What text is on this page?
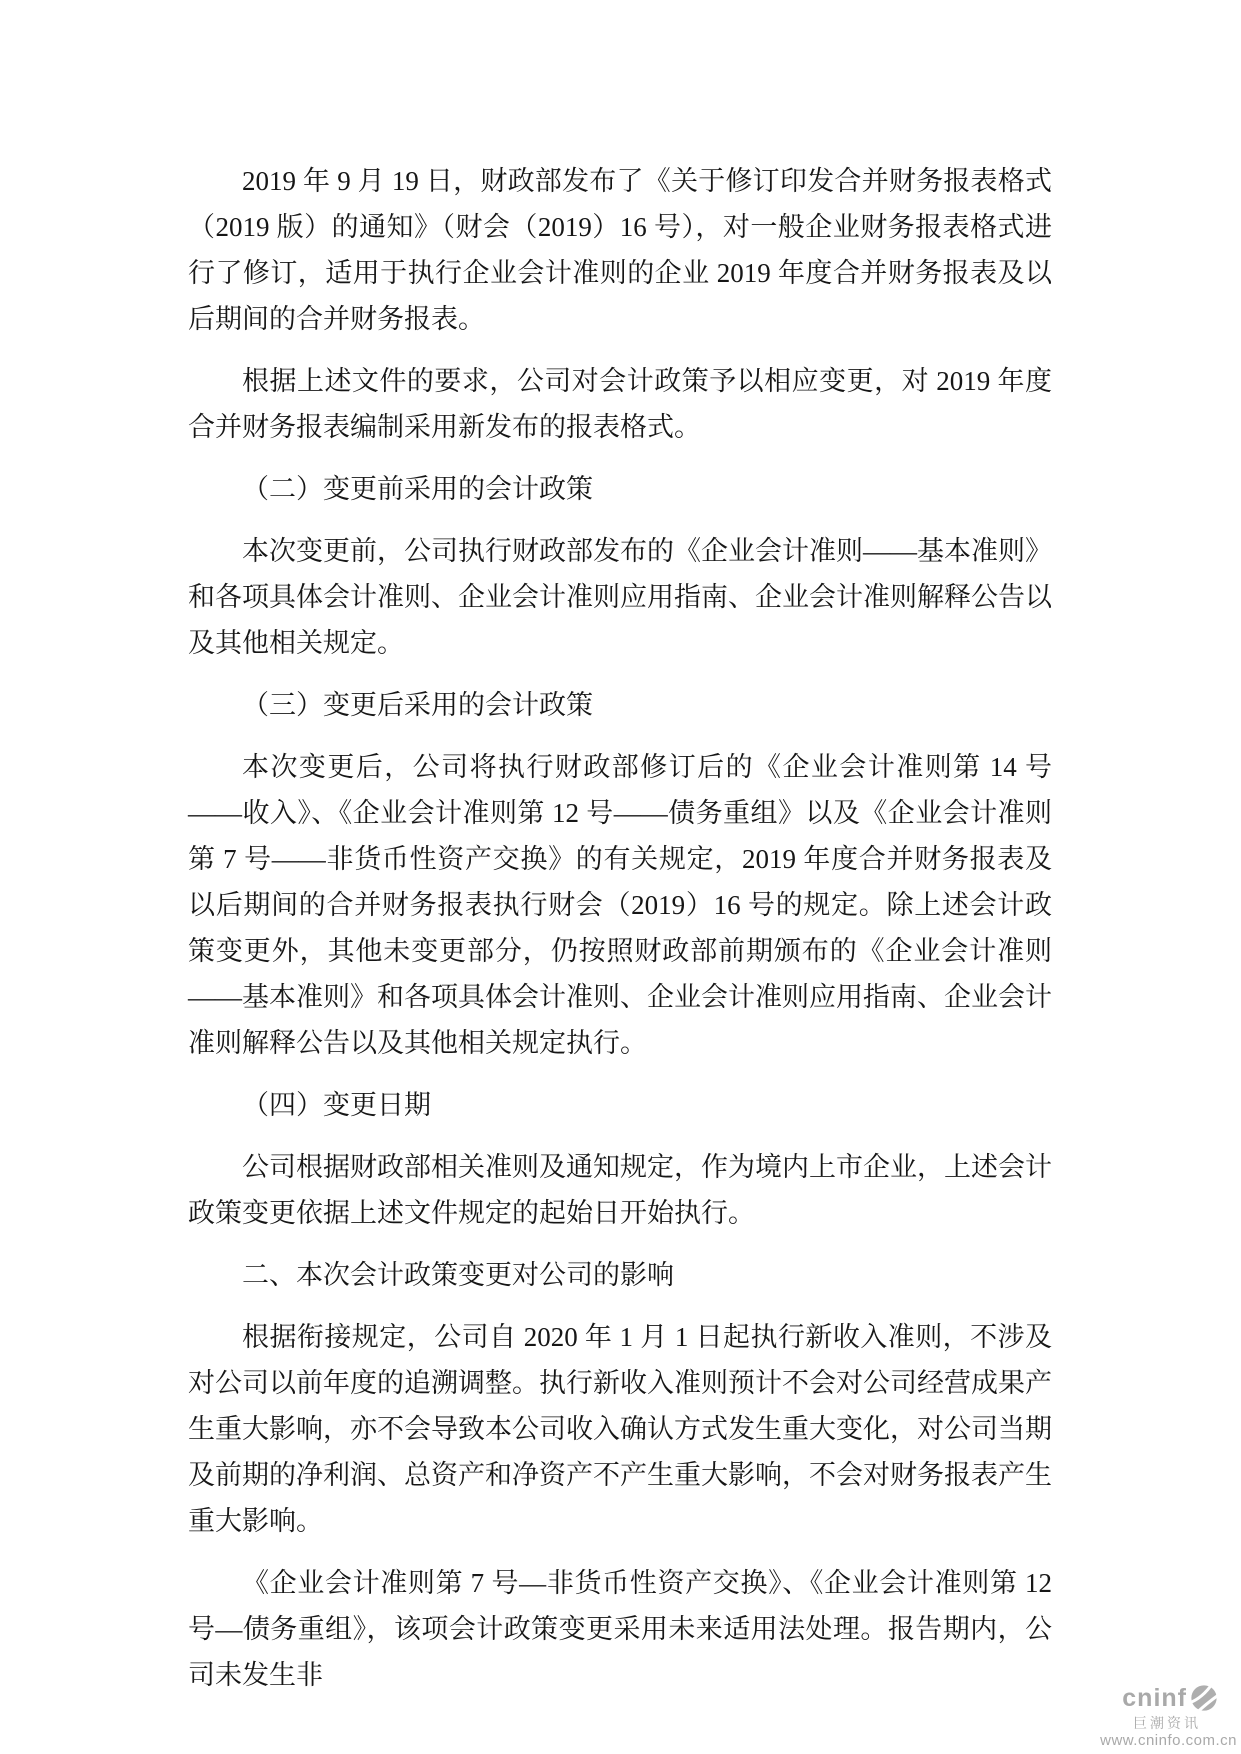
2019 年 9 月 19 日，财政部发布了《关于修订印发合并财务报表格式（2019 版）的通知》（财会（2019）16 号），对一般企业财务报表格式进行了修订，适用于执行企业会计准则的企业 2019 年度合并财务报表及以后期间的合并财务报表。

根据上述文件的要求，公司对会计政策予以相应变更，对 2019 年度合并财务报表编制采用新发布的报表格式。

（二）变更前采用的会计政策

本次变更前，公司执行财政部发布的《企业会计准则——基本准则》和各项具体会计准则、企业会计准则应用指南、企业会计准则解释公告以及其他相关规定。

（三）变更后采用的会计政策

本次变更后，公司将执行财政部修订后的《企业会计准则第 14 号——收入》、《企业会计准则第 12 号——债务重组》以及《企业会计准则第 7 号——非货币性资产交换》的有关规定，2019 年度合并财务报表及以后期间的合并财务报表执行财会（2019）16 号的规定。除上述会计政策变更外，其他未变更部分，仍按照财政部前期颁布的《企业会计准则——基本准则》和各项具体会计准则、企业会计准则应用指南、企业会计准则解释公告以及其他相关规定执行。

（四）变更日期

公司根据财政部相关准则及通知规定，作为境内上市企业，上述会计政策变更依据上述文件规定的起始日开始执行。

二、本次会计政策变更对公司的影响

根据衔接规定，公司自 2020 年 1 月 1 日起执行新收入准则，不涉及对公司以前年度的追溯调整。执行新收入准则预计不会对公司经营成果产生重大影响，亦不会导致本公司收入确认方式发生重大变化，对公司当期及前期的净利润、总资产和净资产不产生重大影响，不会对财务报表产生重大影响。

《企业会计准则第 7 号—非货币性资产交换》、《企业会计准则第 12 号—债务重组》，该项会计政策变更采用未来适用法处理。报告期内，公司未发生非

cninf
巨潮资讯
www.cninfo.com.cn
